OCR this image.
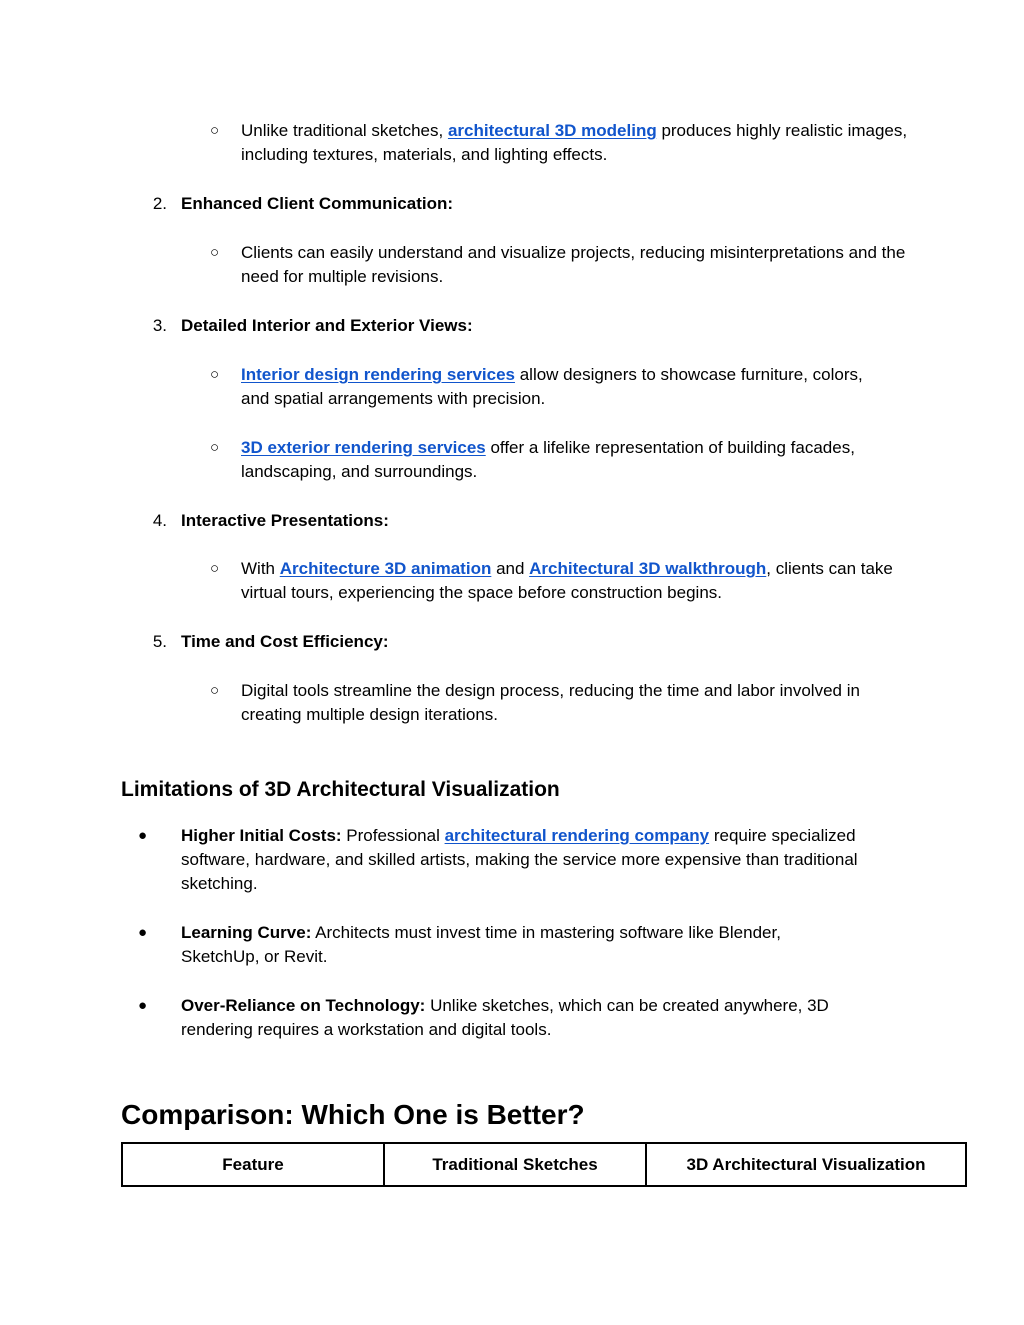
○ Unlike traditional sketches, architectural 3D modeling produces highly realistic images, including textures, materials, and lighting effects.
2. Enhanced Client Communication:
○ Clients can easily understand and visualize projects, reducing misinterpretations and the need for multiple revisions.
3. Detailed Interior and Exterior Views:
○ Interior design rendering services allow designers to showcase furniture, colors, and spatial arrangements with precision.
○ 3D exterior rendering services offer a lifelike representation of building facades, landscaping, and surroundings.
4. Interactive Presentations:
○ With Architecture 3D animation and Architectural 3D walkthrough, clients can take virtual tours, experiencing the space before construction begins.
5. Time and Cost Efficiency:
○ Digital tools streamline the design process, reducing the time and labor involved in creating multiple design iterations.
Limitations of 3D Architectural Visualization
● Higher Initial Costs: Professional architectural rendering company require specialized software, hardware, and skilled artists, making the service more expensive than traditional sketching.
● Learning Curve: Architects must invest time in mastering software like Blender, SketchUp, or Revit.
● Over-Reliance on Technology: Unlike sketches, which can be created anywhere, 3D rendering requires a workstation and digital tools.
Comparison: Which One is Better?
Feature	Traditional Sketches	3D Architectural Visualization
